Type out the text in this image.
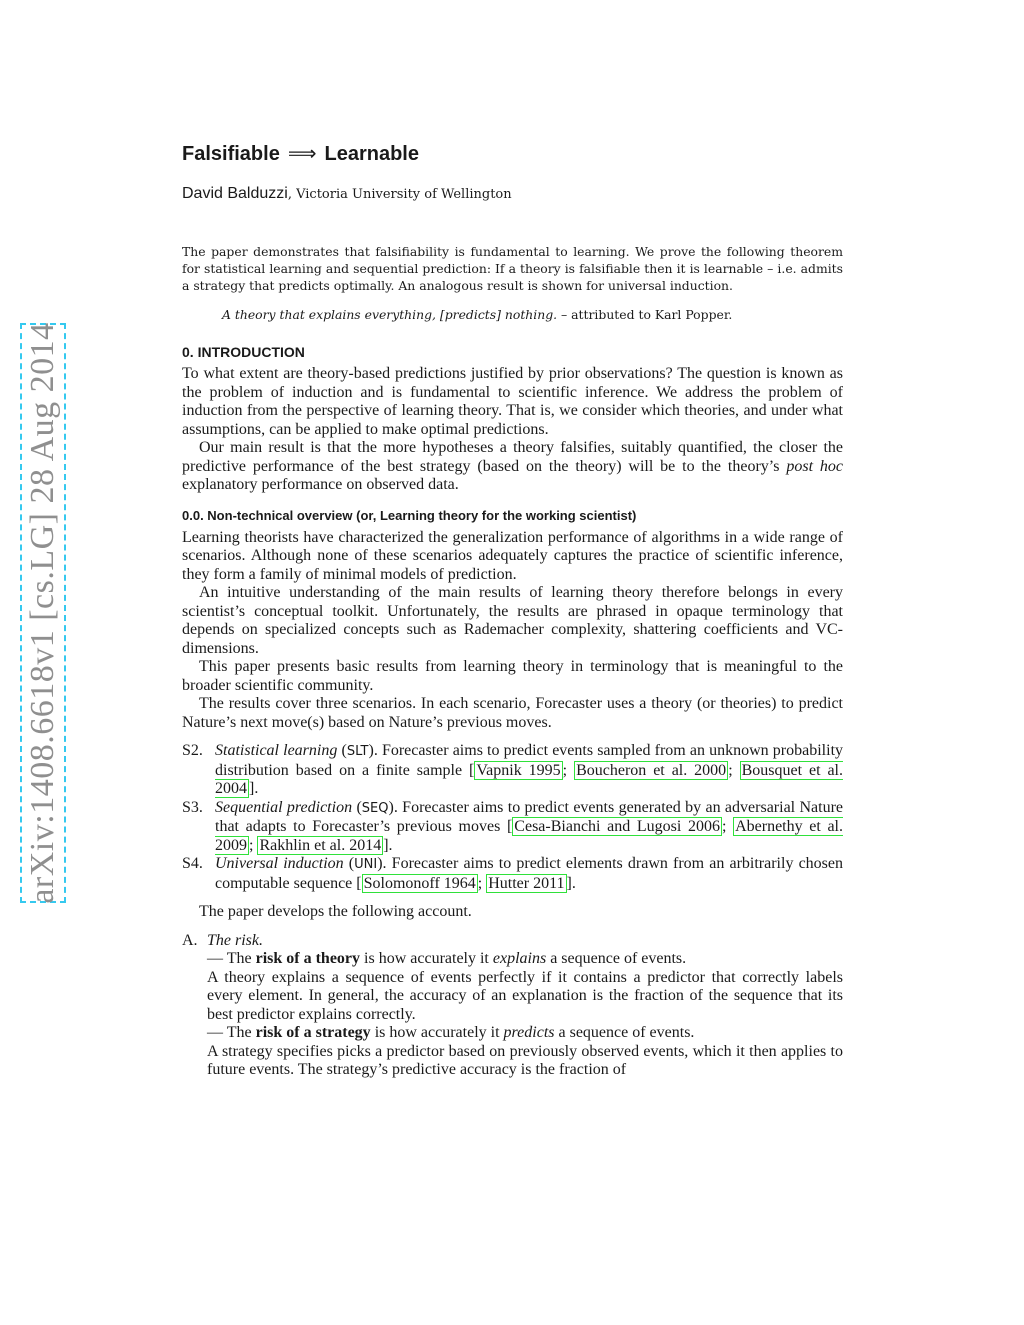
arXiv:1408.6618v1 [cs.LG] 28 Aug 2014
Falsifiable ⟹ Learnable
David Balduzzi, Victoria University of Wellington

The paper demonstrates that falsifiability is fundamental to learning. We prove the following theorem for statistical learning and sequential prediction: If a theory is falsifiable then it is learnable – i.e. admits a strategy that predicts optimally. An analogous result is shown for universal induction.

A theory that explains everything, [predicts] nothing. – attributed to Karl Popper.
0. INTRODUCTION

To what extent are theory-based predictions justified by prior observations? The question is known as the problem of induction and is fundamental to scientific inference. We address the problem of induction from the perspective of learning theory. That is, we consider which theories, and under what assumptions, can be applied to make optimal predictions.

Our main result is that the more hypotheses a theory falsifies, suitably quantified, the closer the predictive performance of the best strategy (based on the theory) will be to the theory’s post hoc explanatory performance on observed data.

0.0. Non-technical overview (or, Learning theory for the working scientist)

Learning theorists have characterized the generalization performance of algorithms in a wide range of scenarios. Although none of these scenarios adequately captures the practice of scientific inference, they form a family of minimal models of prediction.

An intuitive understanding of the main results of learning theory therefore belongs in every scientist’s conceptual toolkit. Unfortunately, the results are phrased in opaque terminology that depends on specialized concepts such as Rademacher complexity, shattering coefficients and VC-dimensions.

This paper presents basic results from learning theory in terminology that is meaningful to the broader scientific community.

The results cover three scenarios. In each scenario, Forecaster uses a theory (or theories) to predict Nature’s next move(s) based on Nature’s previous moves.

S2. Statistical learning (SLT). Forecaster aims to predict events sampled from an unknown probability distribution based on a finite sample [ Vapnik 1995 ; Boucheron et al. 2000 ; Bousquet et al. 2004 ].
S3. Sequential prediction (SEQ). Forecaster aims to predict events generated by an adversarial Nature that adapts to Forecaster’s previous moves [ Cesa-Bianchi and Lugosi 2006 ; Abernethy et al. 2009 ; Rakhlin et al. 2014 ].
S4. Universal induction (UNI). Forecaster aims to predict elements drawn from an arbitrarily chosen computable sequence [ Solomonoff 1964 ; Hutter 2011 ].

The paper develops the following account.

A. The risk.
— The risk of a theory is how accurately it explains a sequence of events.
A theory explains a sequence of events perfectly if it contains a predictor that correctly labels every element. In general, the accuracy of an explanation is the fraction of the sequence that its best predictor explains correctly.
— The risk of a strategy is how accurately it predicts a sequence of events.
A strategy specifies picks a predictor based on previously observed events, which it then applies to future events. The strategy’s predictive accuracy is the fraction of
